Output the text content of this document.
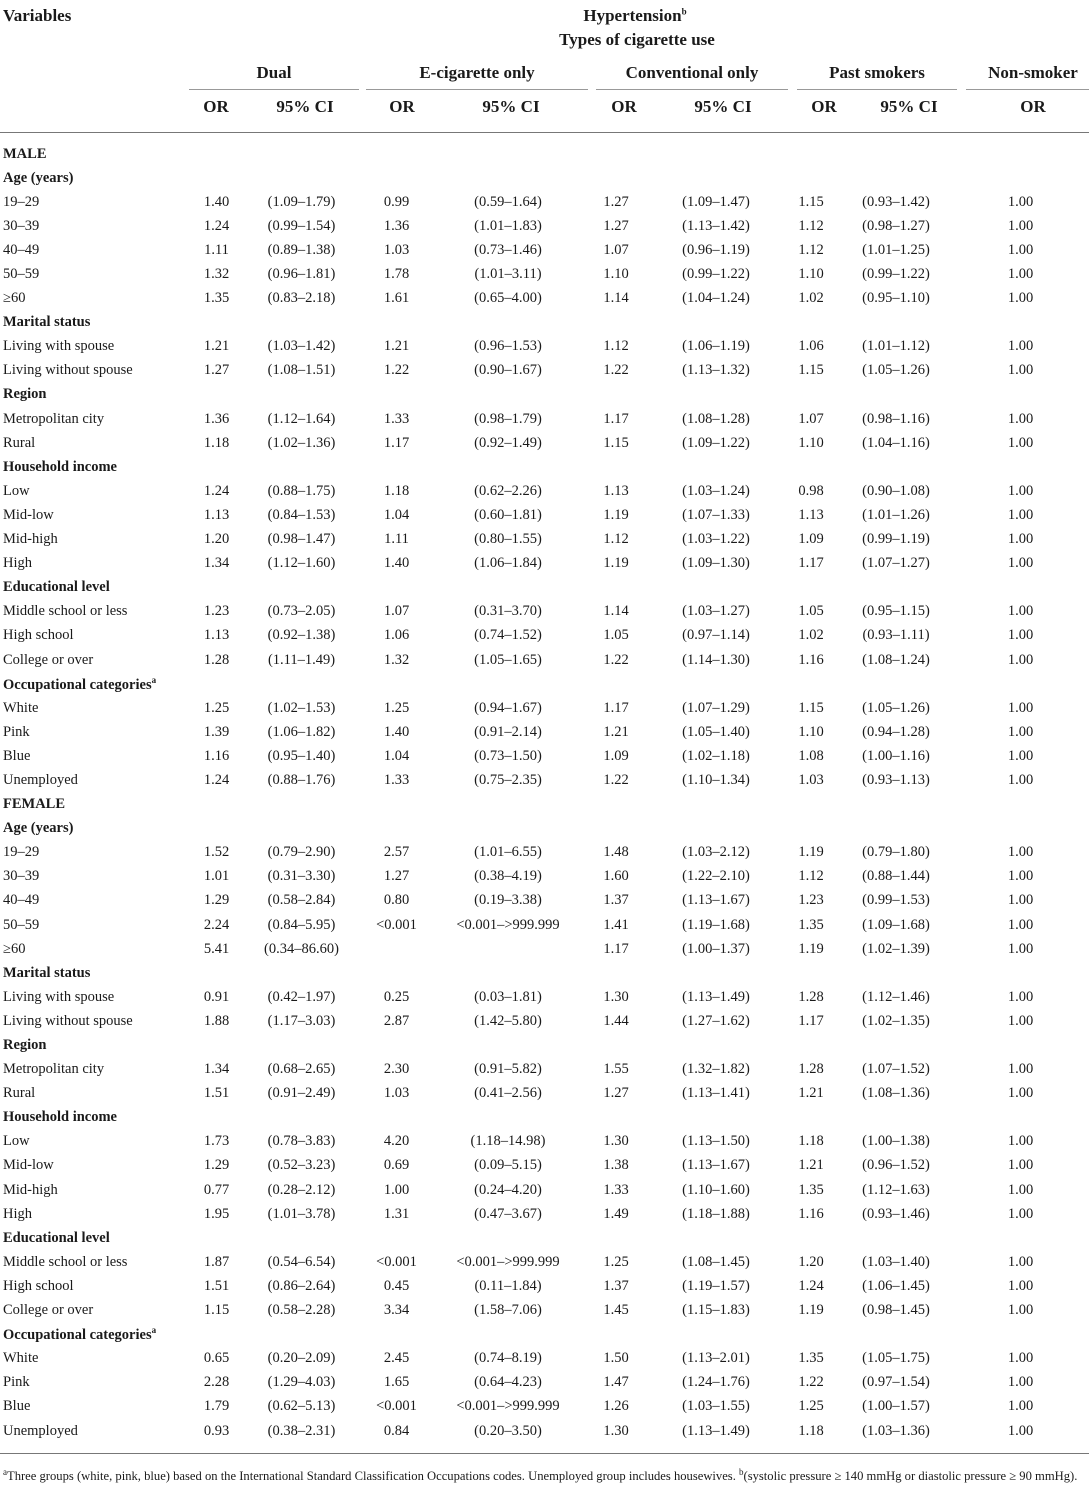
Variables	Hypertension$^b$
Types of cigarette use
Dual	E-cigarette only	Conventional only	Past smokers	Non-smoker
OR	95% CI	OR	95% CI	OR	95% CI	OR	95% CI	OR
MALE									
Age (years)									
19–29	1.40	(1.09–1.79)	0.99	(0.59–1.64)	1.27	(1.09–1.47)	1.15	(0.93–1.42)	1.00
30–39	1.24	(0.99–1.54)	1.36	(1.01–1.83)	1.27	(1.13–1.42)	1.12	(0.98–1.27)	1.00
40–49	1.11	(0.89–1.38)	1.03	(0.73–1.46)	1.07	(0.96–1.19)	1.12	(1.01–1.25)	1.00
50–59	1.32	(0.96–1.81)	1.78	(1.01–3.11)	1.10	(0.99–1.22)	1.10	(0.99–1.22)	1.00
≥60	1.35	(0.83–2.18)	1.61	(0.65–4.00)	1.14	(1.04–1.24)	1.02	(0.95–1.10)	1.00
Marital status									
Living with spouse	1.21	(1.03–1.42)	1.21	(0.96–1.53)	1.12	(1.06–1.19)	1.06	(1.01–1.12)	1.00
Living without spouse	1.27	(1.08–1.51)	1.22	(0.90–1.67)	1.22	(1.13–1.32)	1.15	(1.05–1.26)	1.00
Region									
Metropolitan city	1.36	(1.12–1.64)	1.33	(0.98–1.79)	1.17	(1.08–1.28)	1.07	(0.98–1.16)	1.00
Rural	1.18	(1.02–1.36)	1.17	(0.92–1.49)	1.15	(1.09–1.22)	1.10	(1.04–1.16)	1.00
Household income									
Low	1.24	(0.88–1.75)	1.18	(0.62–2.26)	1.13	(1.03–1.24)	0.98	(0.90–1.08)	1.00
Mid-low	1.13	(0.84–1.53)	1.04	(0.60–1.81)	1.19	(1.07–1.33)	1.13	(1.01–1.26)	1.00
Mid-high	1.20	(0.98–1.47)	1.11	(0.80–1.55)	1.12	(1.03–1.22)	1.09	(0.99–1.19)	1.00
High	1.34	(1.12–1.60)	1.40	(1.06–1.84)	1.19	(1.09–1.30)	1.17	(1.07–1.27)	1.00
Educational level									
Middle school or less	1.23	(0.73–2.05)	1.07	(0.31–3.70)	1.14	(1.03–1.27)	1.05	(0.95–1.15)	1.00
High school	1.13	(0.92–1.38)	1.06	(0.74–1.52)	1.05	(0.97–1.14)	1.02	(0.93–1.11)	1.00
College or over	1.28	(1.11–1.49)	1.32	(1.05–1.65)	1.22	(1.14–1.30)	1.16	(1.08–1.24)	1.00
Occupational categories$^a$									
White	1.25	(1.02–1.53)	1.25	(0.94–1.67)	1.17	(1.07–1.29)	1.15	(1.05–1.26)	1.00
Pink	1.39	(1.06–1.82)	1.40	(0.91–2.14)	1.21	(1.05–1.40)	1.10	(0.94–1.28)	1.00
Blue	1.16	(0.95–1.40)	1.04	(0.73–1.50)	1.09	(1.02–1.18)	1.08	(1.00–1.16)	1.00
Unemployed	1.24	(0.88–1.76)	1.33	(0.75–2.35)	1.22	(1.10–1.34)	1.03	(0.93–1.13)	1.00
FEMALE									
Age (years)									
19–29	1.52	(0.79–2.90)	2.57	(1.01–6.55)	1.48	(1.03–2.12)	1.19	(0.79–1.80)	1.00
30–39	1.01	(0.31–3.30)	1.27	(0.38–4.19)	1.60	(1.22–2.10)	1.12	(0.88–1.44)	1.00
40–49	1.29	(0.58–2.84)	0.80	(0.19–3.38)	1.37	(1.13–1.67)	1.23	(0.99–1.53)	1.00
50–59	2.24	(0.84–5.95)	<0.001	<0.001–>999.999	1.41	(1.19–1.68)	1.35	(1.09–1.68)	1.00
≥60	5.41	(0.34–86.60)			1.17	(1.00–1.37)	1.19	(1.02–1.39)	1.00
Marital status									
Living with spouse	0.91	(0.42–1.97)	0.25	(0.03–1.81)	1.30	(1.13–1.49)	1.28	(1.12–1.46)	1.00
Living without spouse	1.88	(1.17–3.03)	2.87	(1.42–5.80)	1.44	(1.27–1.62)	1.17	(1.02–1.35)	1.00
Region									
Metropolitan city	1.34	(0.68–2.65)	2.30	(0.91–5.82)	1.55	(1.32–1.82)	1.28	(1.07–1.52)	1.00
Rural	1.51	(0.91–2.49)	1.03	(0.41–2.56)	1.27	(1.13–1.41)	1.21	(1.08–1.36)	1.00
Household income									
Low	1.73	(0.78–3.83)	4.20	(1.18–14.98)	1.30	(1.13–1.50)	1.18	(1.00–1.38)	1.00
Mid-low	1.29	(0.52–3.23)	0.69	(0.09–5.15)	1.38	(1.13–1.67)	1.21	(0.96–1.52)	1.00
Mid-high	0.77	(0.28–2.12)	1.00	(0.24–4.20)	1.33	(1.10–1.60)	1.35	(1.12–1.63)	1.00
High	1.95	(1.01–3.78)	1.31	(0.47–3.67)	1.49	(1.18–1.88)	1.16	(0.93–1.46)	1.00
Educational level									
Middle school or less	1.87	(0.54–6.54)	<0.001	<0.001–>999.999	1.25	(1.08–1.45)	1.20	(1.03–1.40)	1.00
High school	1.51	(0.86–2.64)	0.45	(0.11–1.84)	1.37	(1.19–1.57)	1.24	(1.06–1.45)	1.00
College or over	1.15	(0.58–2.28)	3.34	(1.58–7.06)	1.45	(1.15–1.83)	1.19	(0.98–1.45)	1.00
Occupational categories$^a$									
White	0.65	(0.20–2.09)	2.45	(0.74–8.19)	1.50	(1.13–2.01)	1.35	(1.05–1.75)	1.00
Pink	2.28	(1.29–4.03)	1.65	(0.64–4.23)	1.47	(1.24–1.76)	1.22	(0.97–1.54)	1.00
Blue	1.79	(0.62–5.13)	<0.001	<0.001–>999.999	1.26	(1.03–1.55)	1.25	(1.00–1.57)	1.00
Unemployed	0.93	(0.38–2.31)	0.84	(0.20–3.50)	1.30	(1.13–1.49)	1.18	(1.03–1.36)	1.00
$^a$Three groups (white, pink, blue) based on the International Standard Classification Occupations codes. Unemployed group includes housewives. $^b$(systolic pressure ≥ 140 mmHg or diastolic pressure ≥ 90 mmHg).
